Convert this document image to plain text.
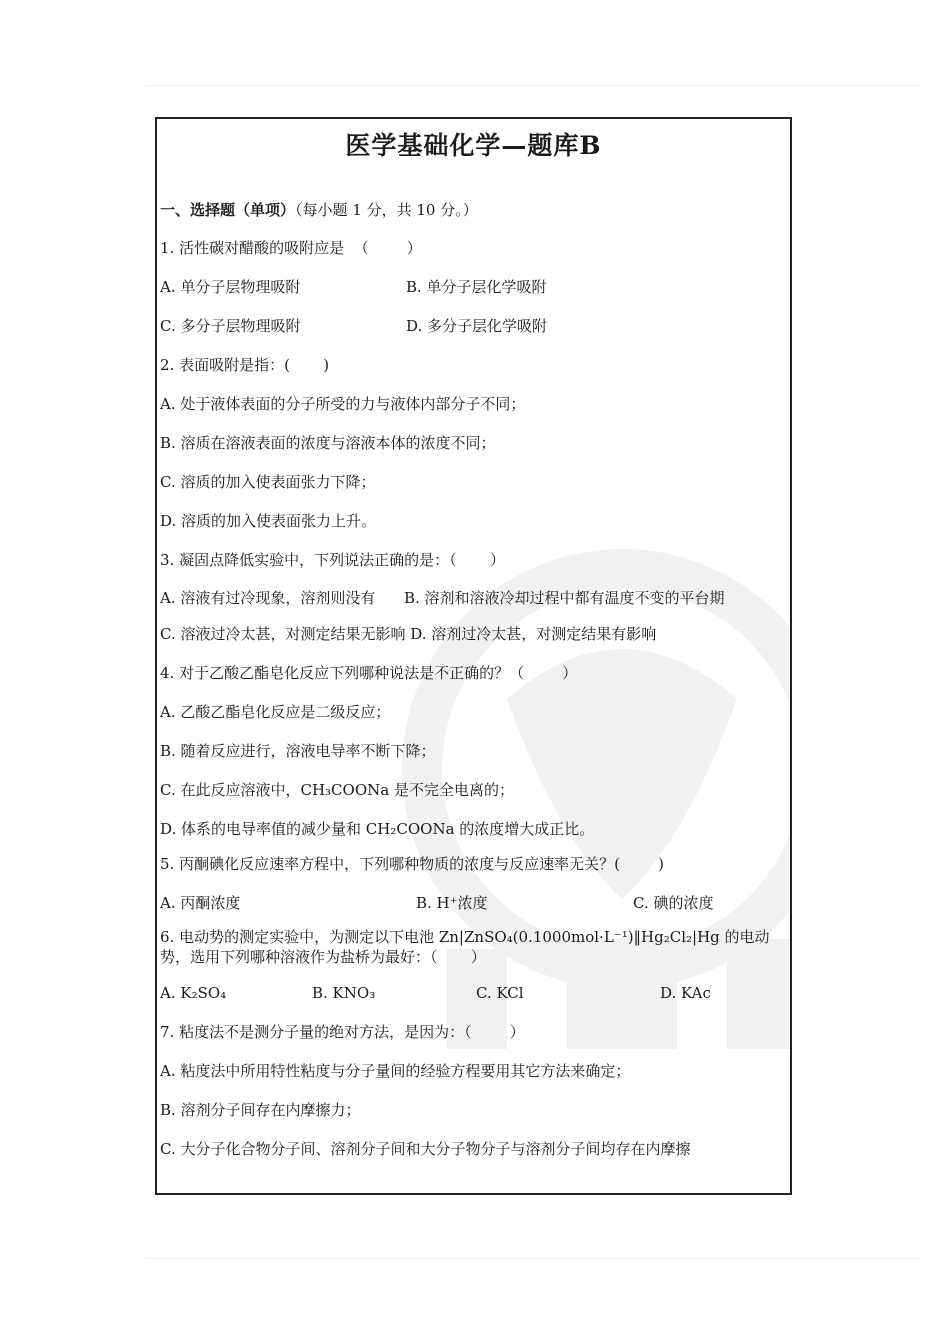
医学基础化学—题库B
一、选择题（单项）（每小题 1 分，共 10 分。）
1. 活性碳对醋酸的吸附应是  （        ）
A. 单分子层物理吸附	B. 单分子层化学吸附
C. 多分子层物理吸附	D. 多分子层化学吸附
2. 表面吸附是指：(       )
A. 处于液体表面的分子所受的力与液体内部分子不同；
B. 溶质在溶液表面的浓度与溶液本体的浓度不同；
C. 溶质的加入使表面张力下降；
D. 溶质的加入使表面张力上升。
3. 凝固点降低实验中，下列说法正确的是：（       ）
A. 溶液有过冷现象，溶剂则没有      B. 溶剂和溶液冷却过程中都有温度不变的平台期
C. 溶液过冷太甚，对测定结果无影响 D. 溶剂过冷太甚，对测定结果有影响
4. 对于乙酸乙酯皂化反应下列哪种说法是不正确的？（        ）
A. 乙酸乙酯皂化反应是二级反应；
B. 随着反应进行，溶液电导率不断下降；
C. 在此反应溶液中，CH₃COONa 是不完全电离的；
D. 体系的电导率值的减少量和 CH₂COONa 的浓度增大成正比。
5. 丙酮碘化反应速率方程中，下列哪种物质的浓度与反应速率无关？(        )
A. 丙酮浓度	B. H⁺浓度	C. 碘的浓度
6. 电动势的测定实验中，为测定以下电池 Zn|ZnSO₄(0.1000mol·L⁻¹)‖Hg₂Cl₂|Hg 的电动势，选用下列哪种溶液作为盐桥为最好：（       ）
A. K₂SO₄	B. KNO₃	C. KCl	D. KAc
7. 粘度法不是测分子量的绝对方法，是因为：（        ）
A. 粘度法中所用特性粘度与分子量间的经验方程要用其它方法来确定；
B. 溶剂分子间存在内摩擦力；
C. 大分子化合物分子间、溶剂分子间和大分子物分子与溶剂分子间均存在内摩擦
